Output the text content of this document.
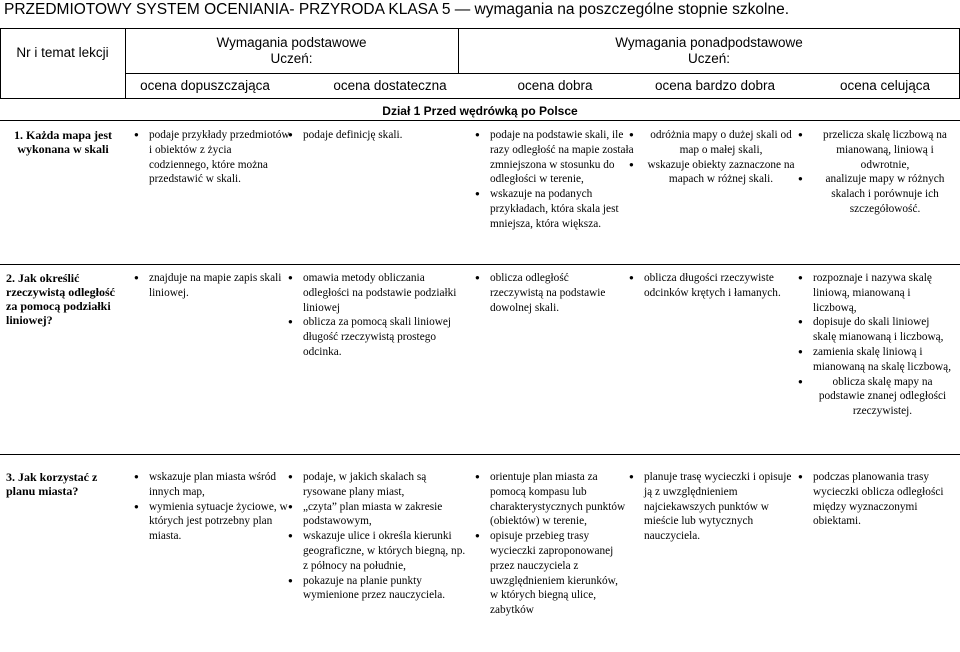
PRZEDMIOTOWY SYSTEM OCENIANIA- PRZYRODA KLASA 5 — wymagania na poszczególne stopnie szkolne.
Nr i temat lekcji
Wymagania podstawowe
Uczeń:
Wymagania ponadpodstawowe
Uczeń:
ocena dopuszczająca	ocena dostateczna	ocena dobra	ocena bardzo dobra	ocena celująca
Dział 1 Przed wędrówką po Polsce
1. Każda mapa jest wykonana w skali
● podaje przykłady przedmiotów i obiektów z życia codziennego, które można przedstawić w skali.
● podaje definicję skali.
●	podaje na podstawie skali, ile razy odległość na mapie została zmniejszona w stosunku do odległości w terenie,
● wskazuje na podanych przykładach, która skala jest mniejsza, która większa.
● odróżnia mapy o dużej skali od map o małej skali,
● wskazuje obiekty zaznaczone na mapach w różnej skali.
● przelicza skalę liczbową na mianowaną, liniową i odwrotnie,
● analizuje mapy w różnych skalach i porównuje ich szczegółowość.
2. Jak określić rzeczywistą odległość za pomocą podziałki liniowej?
● znajduje na mapie zapis skali liniowej.
● omawia metody obliczania odległości na podstawie podziałki liniowej
● oblicza za pomocą skali liniowej długość rzeczywistą prostego odcinka.
● oblicza odległość rzeczywistą na podstawie dowolnej skali.
● oblicza długości rzeczywiste odcinków krętych i łamanych.
● rozpoznaje i nazywa skalę liniową, mianowaną i liczbową,
● dopisuje do skali liniowej skalę mianowaną i liczbową,
● zamienia skalę liniową i mianowaną na skalę liczbową,
● oblicza skalę mapy na podstawie znanej odległości rzeczywistej.
3. Jak korzystać z planu miasta?
● wskazuje plan miasta wśród innych map,
● wymienia sytuacje życiowe, w których jest potrzebny plan miasta.
● podaje, w jakich skalach są rysowane plany miast,
● „czyta” plan miasta w zakresie podstawowym,
● wskazuje ulice i określa kierunki geograficzne, w których biegną, np. z północy na południe,
● pokazuje na planie punkty wymienione przez nauczyciela.
● orientuje plan miasta za pomocą kompasu lub charakterystycznych punktów (obiektów) w terenie,
● opisuje przebieg trasy wycieczki zaproponowanej przez nauczyciela z uwzględnieniem kierunków, w których biegną ulice, zabytków
● planuje trasę wycieczki i opisuje ją z uwzględnieniem najciekawszych punktów w mieście lub wytycznych nauczyciela.
● podczas planowania trasy wycieczki oblicza odległości między wyznaczonymi obiektami.
